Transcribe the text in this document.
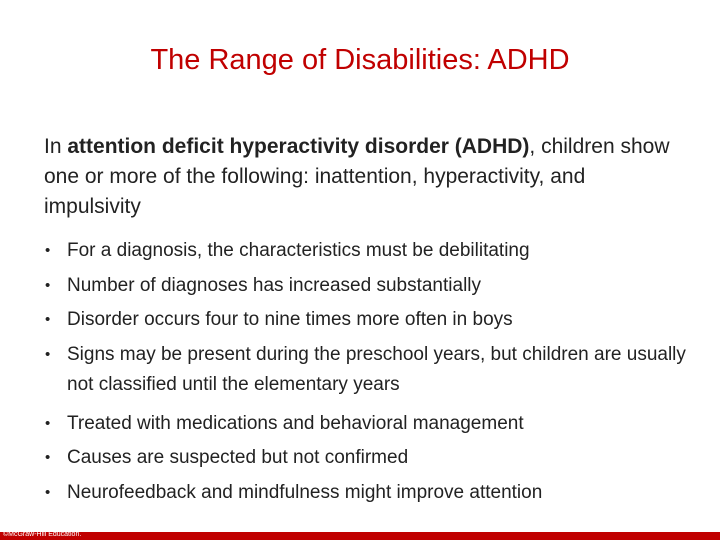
The Range of Disabilities: ADHD
In attention deficit hyperactivity disorder (ADHD), children show one or more of the following: inattention, hyperactivity, and impulsivity
• For a diagnosis, the characteristics must be debilitating
• Number of diagnoses has increased substantially
• Disorder occurs four to nine times more often in boys
• Signs may be present during the preschool years, but children are usually not classified until the elementary years
• Treated with medications and behavioral management
• Causes are suspected but not confirmed
• Neurofeedback and mindfulness might improve attention
©McGraw-Hill Education.
